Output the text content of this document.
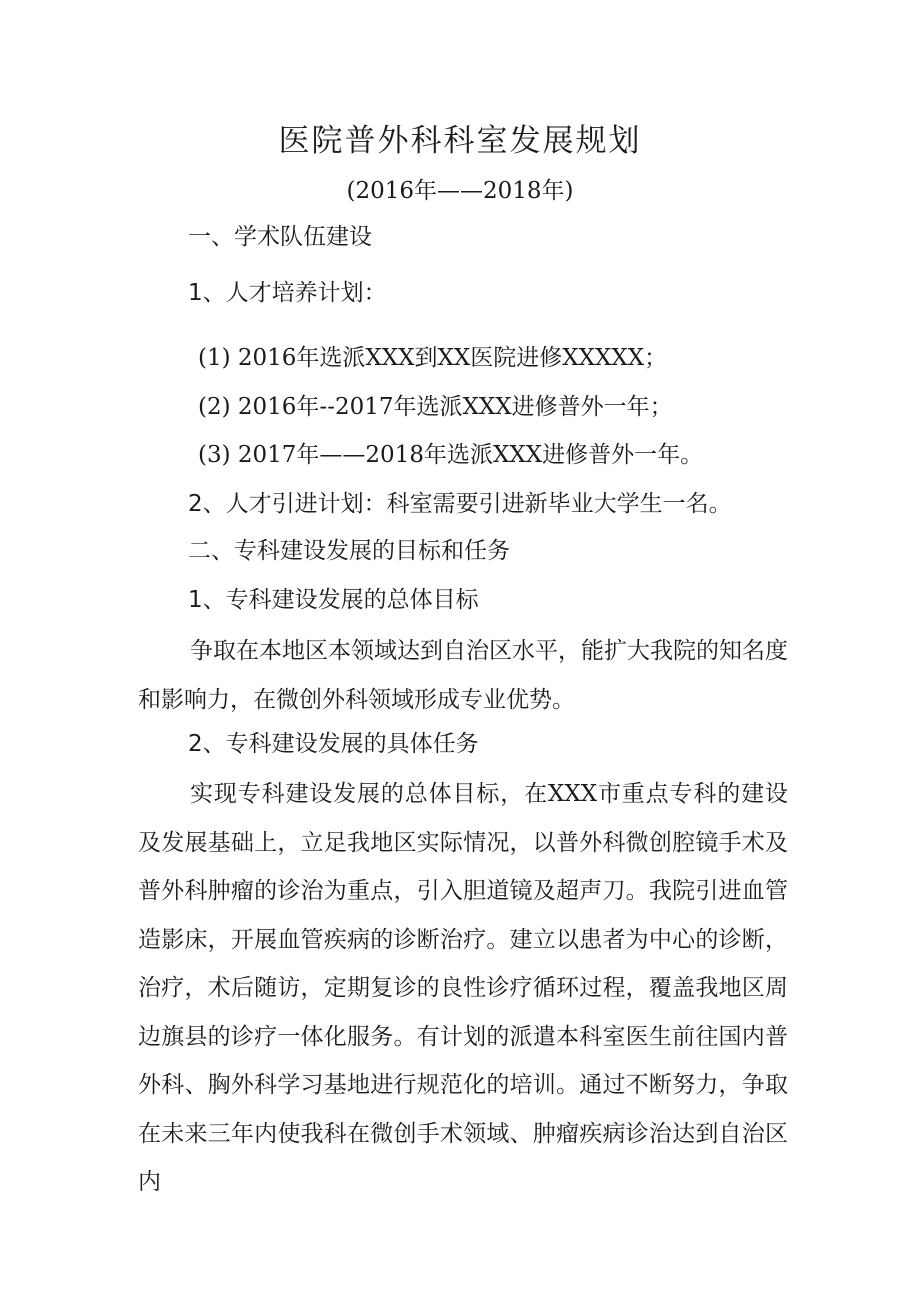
医院普外科科室发展规划
(2016年——2018年)
一、学术队伍建设
1、人才培养计划：
(1) 2016年选派XXX到XX医院进修XXXXX；
(2) 2016年--2017年选派XXX进修普外一年；
(3) 2017年——2018年选派XXX进修普外一年。
2、人才引进计划：科室需要引进新毕业大学生一名。
二、专科建设发展的目标和任务
1、专科建设发展的总体目标

争取在本地区本领域达到自治区水平，能扩大我院的知名度和影响力，在微创外科领域形成专业优势。

2、专科建设发展的具体任务

实现专科建设发展的总体目标，在XXX市重点专科的建设及发展基础上，立足我地区实际情况，以普外科微创腔镜手术及普外科肿瘤的诊治为重点，引入胆道镜及超声刀。我院引进血管造影床，开展血管疾病的诊断治疗。建立以患者为中心的诊断，治疗，术后随访，定期复诊的良性诊疗循环过程，覆盖我地区周边旗县的诊疗一体化服务。有计划的派遣本科室医生前往国内普外科、胸外科学习基地进行规范化的培训。通过不断努力，争取在未来三年内使我科在微创手术领域、肿瘤疾病诊治达到自治区内
